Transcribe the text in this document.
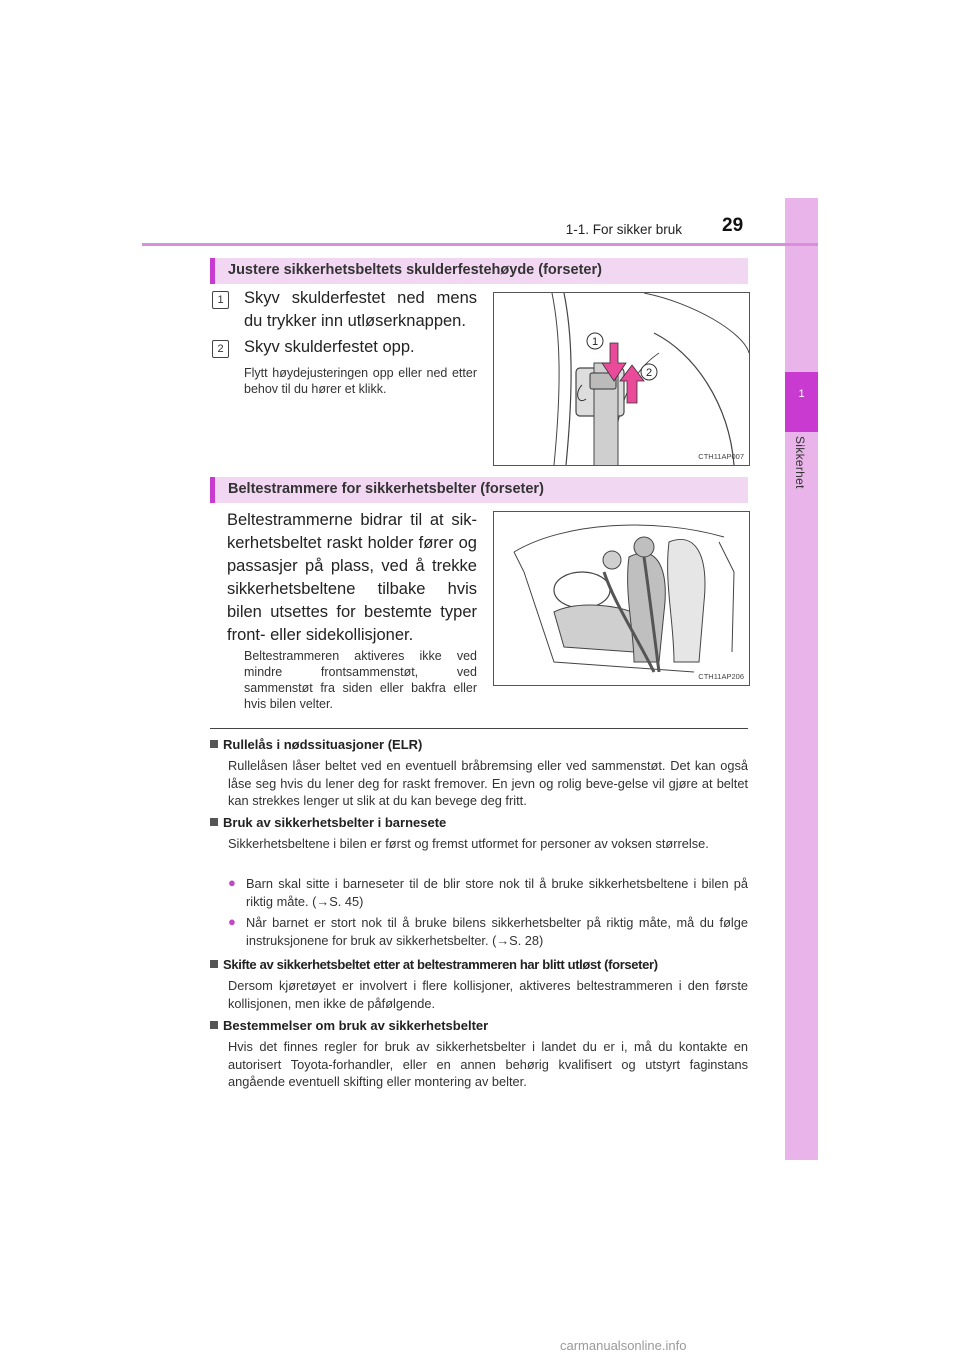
1
Sikkerhet
1-1. For sikker bruk 29
Justere sikkerhetsbeltets skulderfestehøyde (forseter)
1	Skyv skulderfestet ned mens du trykker inn utløserknappen.
2	Skyv skulderfestet opp.
Flytt høydejusteringen opp eller ned etter behov til du hører et klikk.
1
2
CTH11AP007
Beltestrammere for sikkerhetsbelter (forseter)
Beltestrammerne bidrar til at sik-kerhetsbeltet raskt holder fører og passasjer på plass, ved å trekke sikkerhetsbeltene tilbake hvis bilen utsettes for bestemte typer front- eller sidekollisjoner.
Beltestrammeren aktiveres ikke ved mindre frontsammenstøt, ved sammenstøt fra siden eller bakfra eller hvis bilen velter.
CTH11AP206
Rullelås i nødssituasjoner (ELR)
Rullelåsen låser beltet ved en eventuell bråbremsing eller ved sammenstøt. Det kan også låse seg hvis du lener deg for raskt fremover. En jevn og rolig beve-gelse vil gjøre at beltet kan strekkes lenger ut slik at du kan bevege deg fritt.
Bruk av sikkerhetsbelter i barnesete
Sikkerhetsbeltene i bilen er først og fremst utformet for personer av voksen størrelse.
● Barn skal sitte i barneseter til de blir store nok til å bruke sikkerhetsbeltene i bilen på riktig måte. (→S. 45)
● Når barnet er stort nok til å bruke bilens sikkerhetsbelter på riktig måte, må du følge instruksjonene for bruk av sikkerhetsbelter. (→S. 28)
Skifte av sikkerhetsbeltet etter at beltestrammeren har blitt utløst (forseter)
Dersom kjøretøyet er involvert i flere kollisjoner, aktiveres beltestrammeren i den første kollisjonen, men ikke de påfølgende.
Bestemmelser om bruk av sikkerhetsbelter
Hvis det finnes regler for bruk av sikkerhetsbelter i landet du er i, må du kontakte en autorisert Toyota-forhandler, eller en annen behørig kvalifisert og utstyrt faginstans angående eventuell skifting eller montering av belter.
carmanualsonline.info
